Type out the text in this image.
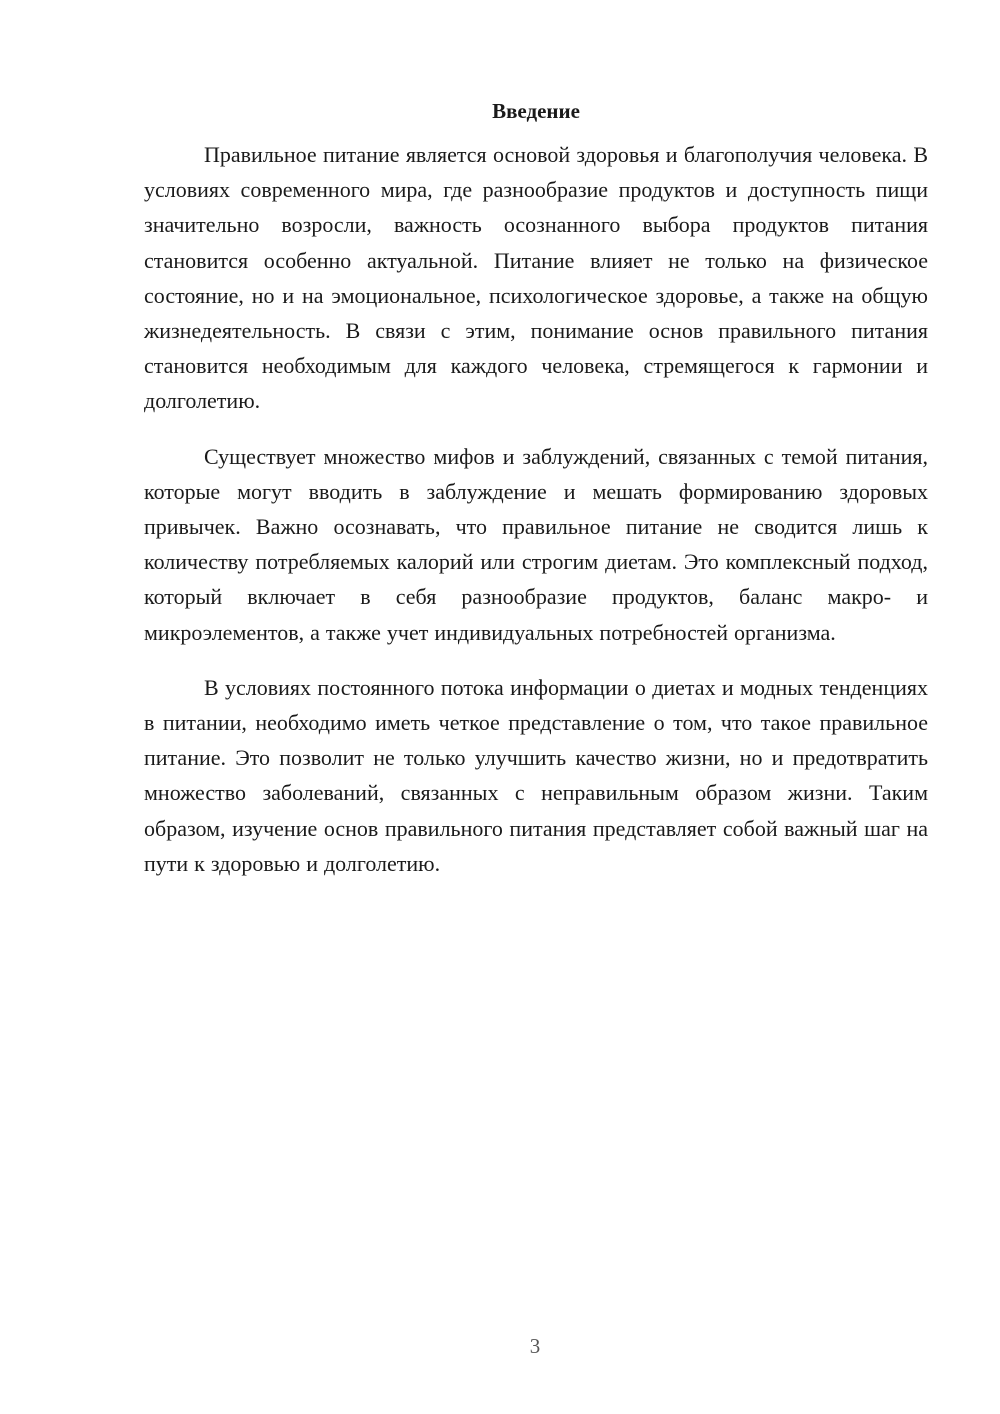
Введение

Правильное питание является основой здоровья и благополучия человека. В условиях современного мира, где разнообразие продуктов и доступность пищи значительно возросли, важность осознанного выбора продуктов питания становится особенно актуальной. Питание влияет не только на физическое состояние, но и на эмоциональное, психологическое здоровье, а также на общую жизнедеятельность. В связи с этим, понимание основ правильного питания становится необходимым для каждого человека, стремящегося к гармонии и долголетию.

Существует множество мифов и заблуждений, связанных с темой питания, которые могут вводить в заблуждение и мешать формированию здоровых привычек. Важно осознавать, что правильное питание не сводится лишь к количеству потребляемых калорий или строгим диетам. Это комплексный подход, который включает в себя разнообразие продуктов, баланс макро- и микроэлементов, а также учет индивидуальных потребностей организма.

В условиях постоянного потока информации о диетах и модных тенденциях в питании, необходимо иметь четкое представление о том, что такое правильное питание. Это позволит не только улучшить качество жизни, но и предотвратить множество заболеваний, связанных с неправильным образом жизни. Таким образом, изучение основ правильного питания представляет собой важный шаг на пути к здоровью и долголетию.

3
